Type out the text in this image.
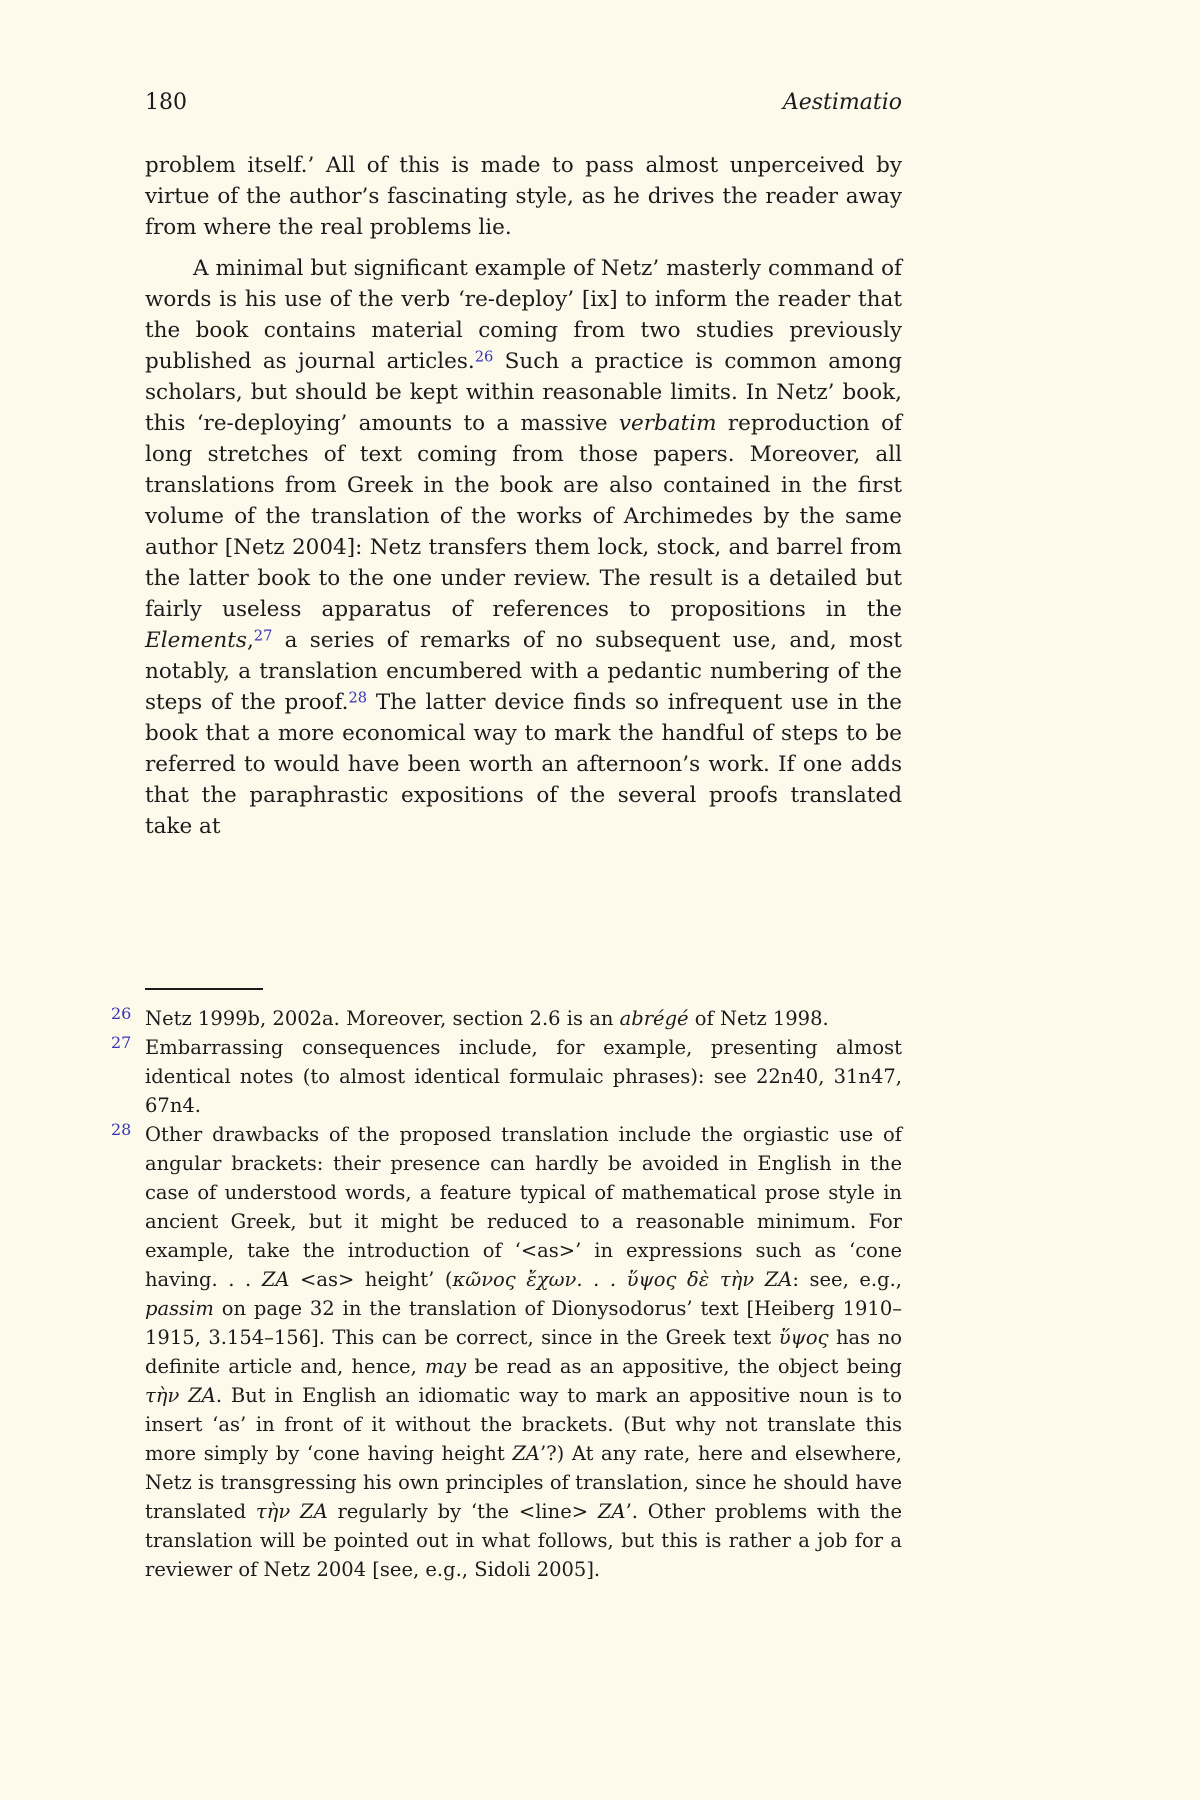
180	Aestimatio

problem itself.’ All of this is made to pass almost unperceived by virtue of the author’s fascinating style, as he drives the reader away from where the real problems lie.

A minimal but significant example of Netz’ masterly command of words is his use of the verb ‘re-deploy’ [ix] to inform the reader that the book contains material coming from two studies previously published as journal articles.$^{26}$ Such a practice is common among scholars, but should be kept within reasonable limits. In Netz’ book, this ‘re-deploying’ amounts to a massive verbatim reproduction of long stretches of text coming from those papers. Moreover, all translations from Greek in the book are also contained in the first volume of the translation of the works of Archimedes by the same author [Netz 2004]: Netz transfers them lock, stock, and barrel from the latter book to the one under review. The result is a detailed but fairly useless apparatus of references to propositions in the Elements,$^{27}$ a series of remarks of no subsequent use, and, most notably, a translation encumbered with a pedantic numbering of the steps of the proof.$^{28}$ The latter device finds so infrequent use in the book that a more economical way to mark the handful of steps to be referred to would have been worth an afternoon’s work. If one adds that the paraphrastic expositions of the several proofs translated take at

26 Netz 1999b, 2002a. Moreover, section 2.6 is an abrégé of Netz 1998.
27 Embarrassing consequences include, for example, presenting almost identical notes (to almost identical formulaic phrases): see 22n40, 31n47, 67n4.
28 Other drawbacks of the proposed translation include the orgiastic use of angular brackets: their presence can hardly be avoided in English in the case of understood words, a feature typical of mathematical prose style in ancient Greek, but it might be reduced to a reasonable minimum. For example, take the introduction of ‘<as>’ in expressions such as ‘cone having. . . ZA <as> height’ (κῶνος ἔχων. . . ὕψος δὲ τὴν ΖΑ: see, e.g., passim on page 32 in the translation of Dionysodorus’ text [Heiberg 1910–1915, 3.154–156]. This can be correct, since in the Greek text ὕψος has no definite article and, hence, may be read as an appositive, the object being τὴν ΖΑ. But in English an idiomatic way to mark an appositive noun is to insert ‘as’ in front of it without the brackets. (But why not translate this more simply by ‘cone having height ZA’?) At any rate, here and elsewhere, Netz is transgressing his own principles of translation, since he should have translated τὴν ΖΑ regularly by ‘the <line> ZA’. Other problems with the translation will be pointed out in what follows, but this is rather a job for a reviewer of Netz 2004 [see, e.g., Sidoli 2005].
